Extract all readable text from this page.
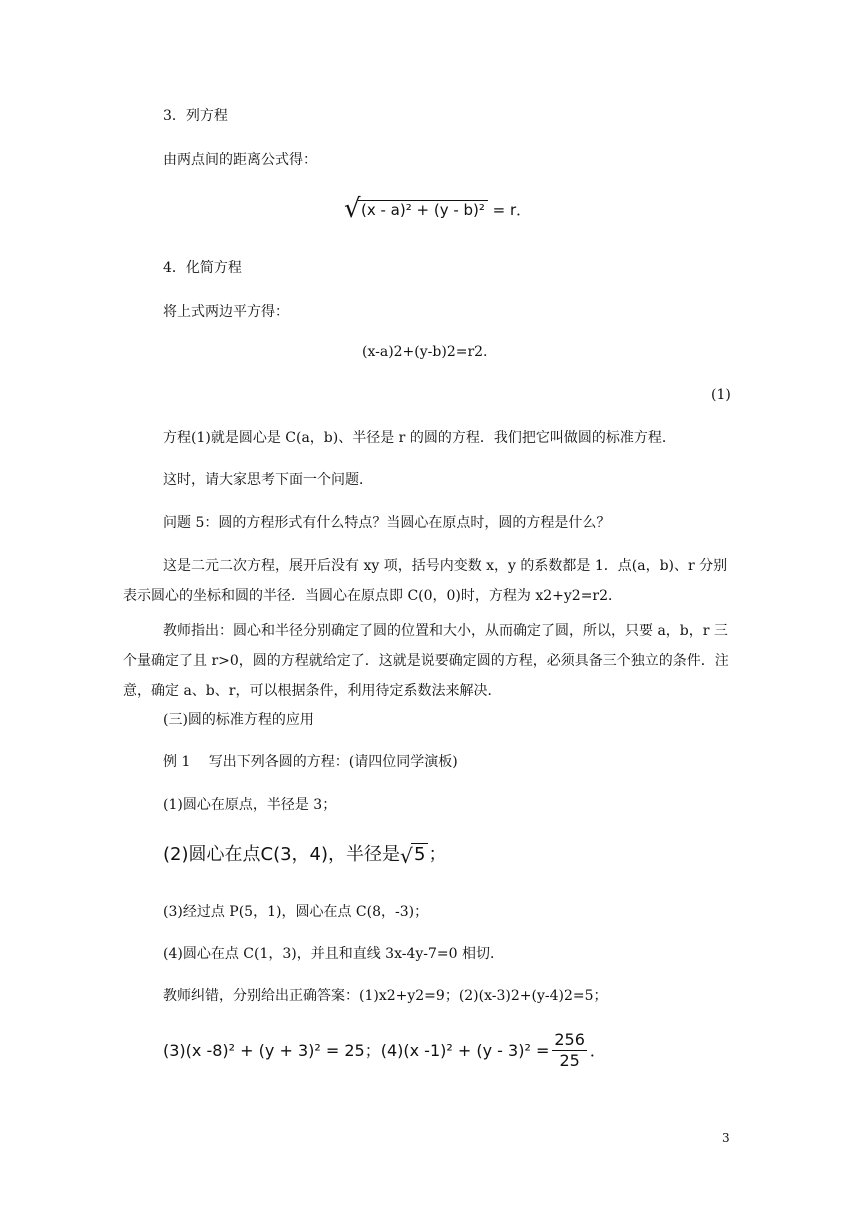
3．列方程
由两点间的距离公式得：
√ (x - a)² + (y - b)² = r．
4．化简方程
将上式两边平方得：
(x-a)2+(y-b)2=r2.
(1)
方程(1)就是圆心是 C(a，b)、半径是 r 的圆的方程．我们把它叫做圆的标准方程．
这时，请大家思考下面一个问题．
问题 5：圆的方程形式有什么特点？当圆心在原点时，圆的方程是什么？
这是二元二次方程，展开后没有 xy 项，括号内变数 x，y 的系数都是 1．点(a，b)、r 分别表示圆心的坐标和圆的半径．当圆心在原点即 C(0，0)时，方程为 x2+y2=r2．
教师指出：圆心和半径分别确定了圆的位置和大小，从而确定了圆，所以，只要 a，b，r 三个量确定了且 r>0，圆的方程就给定了．这就是说要确定圆的方程，必须具备三个独立的条件．注意，确定 a、b、r，可以根据条件，利用待定系数法来解决．
(三)圆的标准方程的应用
例 1　 写出下列各圆的方程：(请四位同学演板)
(1)圆心在原点，半径是 3；
(2)圆心在点C(3，4)，半径是 √ 5 ；
(3)经过点 P(5，1)，圆心在点 C(8，-3)；
(4)圆心在点 C(1，3)，并且和直线 3x-4y-7=0 相切．
教师纠错，分别给出正确答案：(1)x2+y2=9；(2)(x-3)2+(y-4)2=5；
(3)(x -8)² + (y + 3)² = 25；(4)(x $-1)^2 + (y - 3)^2 = \frac{256}{25}$ ．
3
